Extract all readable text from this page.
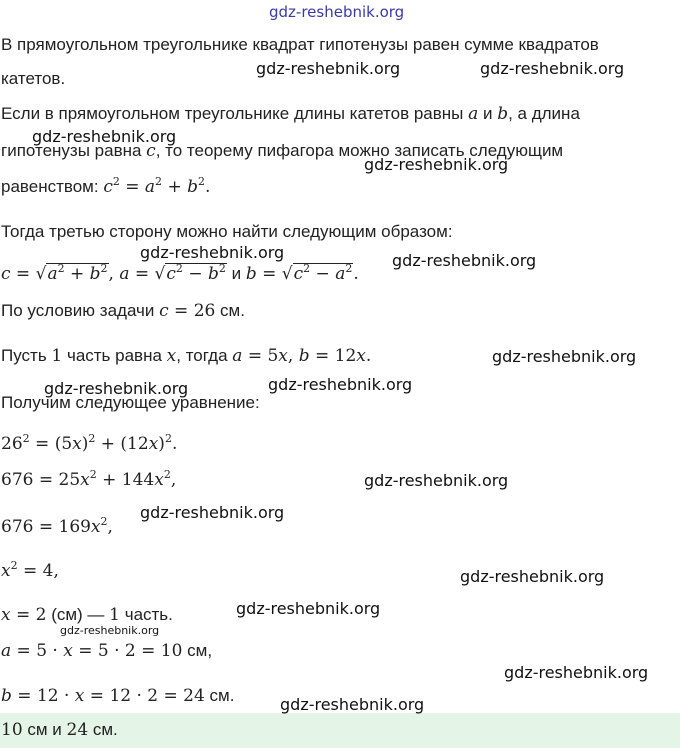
В прямоугольном треугольнике квадрат гипотенузы равен сумме квадратов
катетов.
Если в прямоугольном треугольнике длины катетов равны a и b, а длина
гипотенузы равна c, то теорему пифагора можно записать следующим
равенством: $c^2 = a^2 + b^2$.
Тогда третью сторону можно найти следующим образом:
$c = √a^2 + b^2$, $a = √c^2 - b^2$ и $b = √c^2 - a^2$.
По условию задачи c = 26 см.
Пусть 1 часть равна x, тогда a = 5x, b = 12x.
Получим следующее уравнение:
$26^2 = (5x)^2 + (12x)^2$.
$676 = 25x^2 + 144x^2$,
$676 = 169x^2$,
$x^2 = 4$,
x = 2 (см) — 1 часть.
a = 5 · x = 5 · 2 = 10 см,
b = 12 · x = 12 · 2 = 24 см.
10 см и 24 см.
gdz-reshebnik.org
gdz-reshebnik.org	gdz-reshebnik.org
gdz-reshebnik.org
gdz-reshebnik.org
gdz-reshebnik.org	gdz-reshebnik.org
gdz-reshebnik.org
gdz-reshebnik.org	gdz-reshebnik.org
gdz-reshebnik.org
gdz-reshebnik.org
gdz-reshebnik.org
gdz-reshebnik.org
gdz-reshebnik.org
gdz-reshebnik.org
gdz-reshebnik.org
